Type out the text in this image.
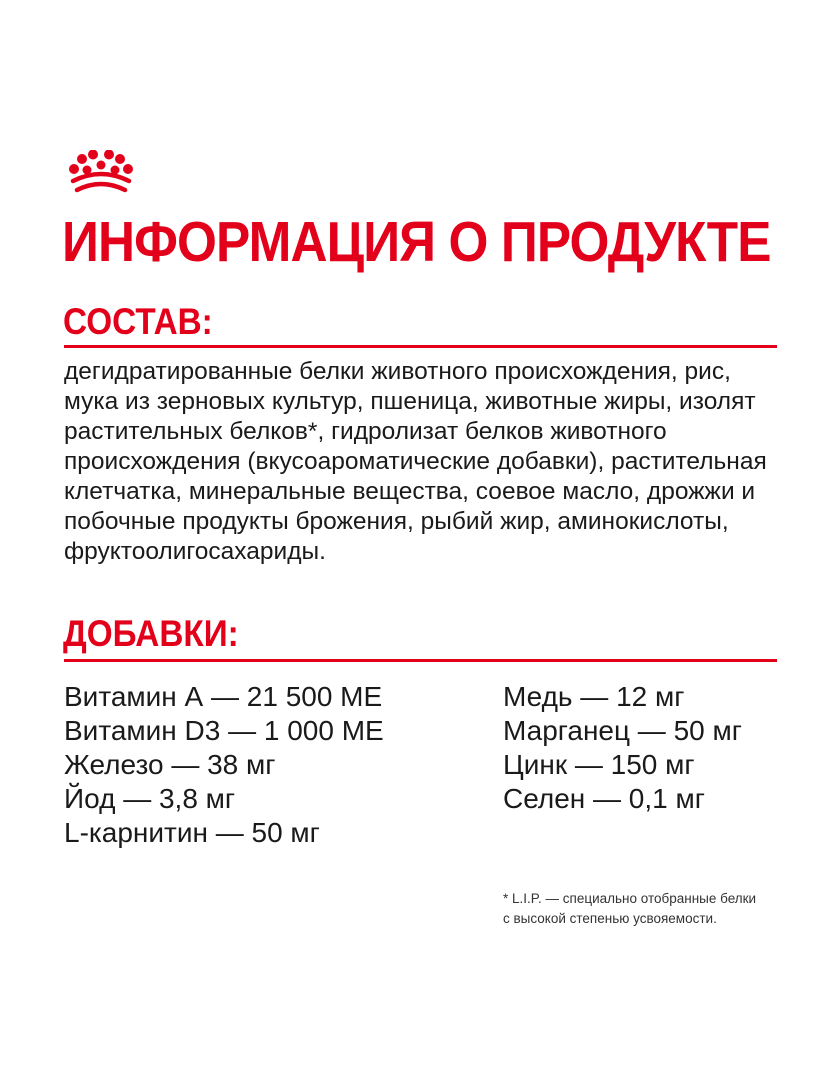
ИНФОРМАЦИЯ О ПРОДУКТЕ
СОСТАВ:

дегидратированные белки животного происхождения, рис, мука из зерновых культур, пшеница, животные жиры, изолят растительных белков*, гидролизат белков животного происхождения (вкусоароматические добавки), растительная клетчатка, минеральные вещества, соевое масло, дрожжи и побочные продукты брожения, рыбий жир, аминокислоты, фруктоолигосахариды.

ДОБАВКИ:
Витамин А — 21 500 МЕ
Витамин D3 — 1 000 МЕ
Железо — 38 мг
Йод — 3,8 мг
L-карнитин — 50 мг
Медь — 12 мг
Марганец — 50 мг
Цинк — 150 мг
Селен — 0,1 мг

* L.I.P. — специально отобранные белки
с высокой степенью усвояемости.
